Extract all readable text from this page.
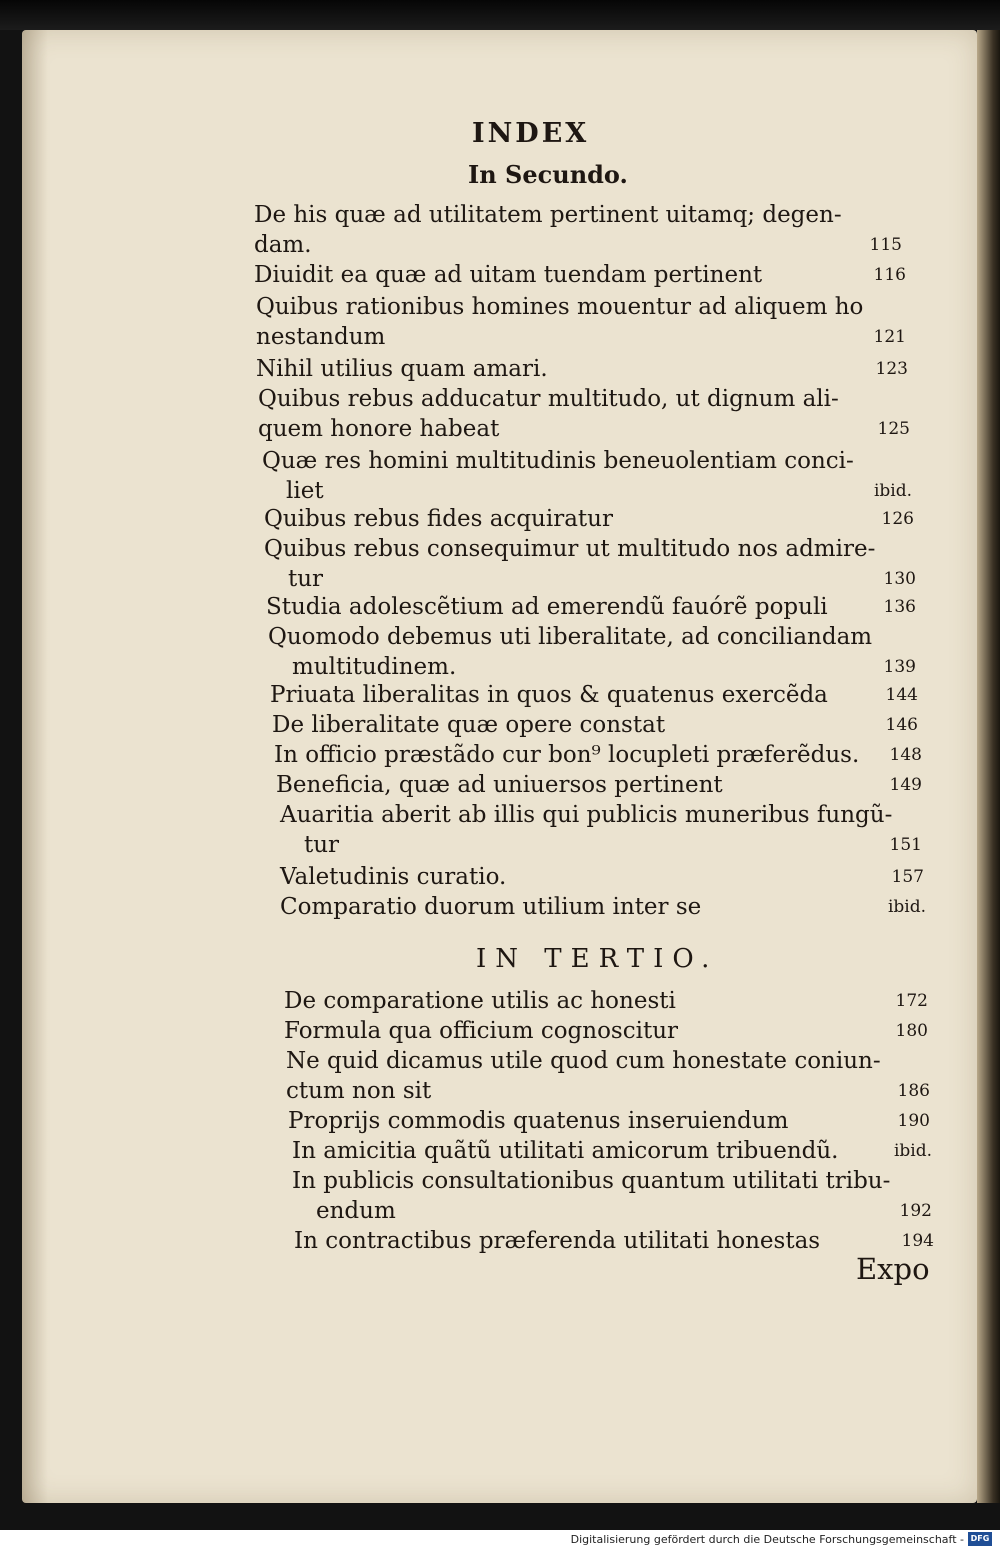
INDEX
In Secundo.
De his quæ ad utilitatem pertinent uitamq; degen-
dam.	115
Diuidit ea quæ ad uitam tuendam pertinent	116
Quibus rationibus homines mouentur ad aliquem ho
nestandum	121
Nihil utilius quam amari.	123
Quibus rebus adducatur multitudo, ut dignum ali-
quem honore habeat	125
Quæ res homini multitudinis beneuolentiam conci-
liet	ibid.
Quibus rebus fides acquiratur	126
Quibus rebus consequimur ut multitudo nos admire-
tur	130
Studia adolescẽtium ad emerendũ fauórẽ populi	136
Quomodo debemus uti liberalitate, ad conciliandam
multitudinem.	139
Priuata liberalitas in quos & quatenus exercẽda	144
De liberalitate quæ opere constat	146
In officio præstãdo cur bon⁹ locupleti præferẽdus.	148
Beneficia, quæ ad uniuersos pertinent	149
Auaritia aberit ab illis qui publicis muneribus fungũ-
tur	151
Valetudinis curatio.	157
Comparatio duorum utilium inter se	ibid.
IN TERTIO.
De comparatione utilis ac honesti	172
Formula qua officium cognoscitur	180
Ne quid dicamus utile quod cum honestate coniun-
ctum non sit	186
Proprijs commodis quatenus inseruiendum	190
In amicitia quãtũ utilitati amicorum tribuendũ.	ibid.
In publicis consultationibus quantum utilitati tribu-
endum	192
In contractibus præferenda utilitati honestas	194
Expo
Digitalisierung gefördert durch die Deutsche Forschungsgemeinschaft - DFG
